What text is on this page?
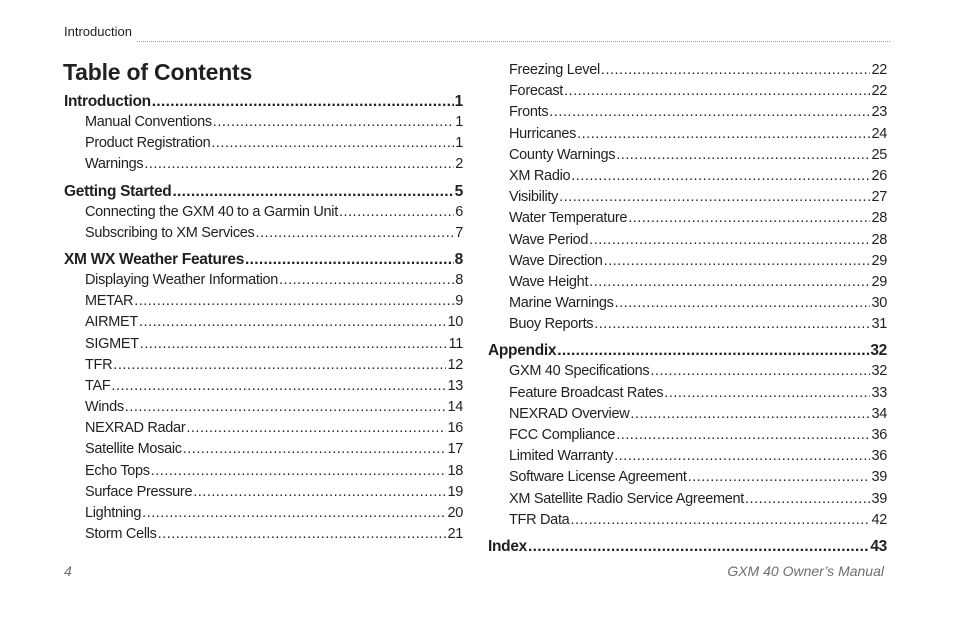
Introduction
Table of Contents
Introduction .....	1
Manual Conventions .....	1
Product Registration .....	1
Warnings .....	2
Getting Started .....	5
Connecting the GXM 40 to a Garmin Unit .....	6
Subscribing to XM Services .....	7
XM WX Weather Features .....	8
Displaying Weather Information .....	8
METAR .....	9
AIRMET .....	10
SIGMET .....	11
TFR .....	12
TAF .....	13
Winds .....	14
NEXRAD Radar .....	16
Satellite Mosaic .....	17
Echo Tops .....	18
Surface Pressure .....	19
Lightning .....	20
Storm Cells .....	21
Freezing Level .....	22
Forecast .....	22
Fronts .....	23
Hurricanes .....	24
County Warnings .....	25
XM Radio .....	26
Visibility .....	27
Water Temperature .....	28
Wave Period .....	28
Wave Direction .....	29
Wave Height .....	29
Marine Warnings .....	30
Buoy Reports .....	31
Appendix .....	32
GXM 40 Specifications .....	32
Feature Broadcast Rates .....	33
NEXRAD Overview .....	34
FCC Compliance .....	36
Limited Warranty .....	36
Software License Agreement .....	39
XM Satellite Radio Service Agreement .....	39
TFR Data .....	42
Index .....	43
4	GXM 40 Owner’s Manual
